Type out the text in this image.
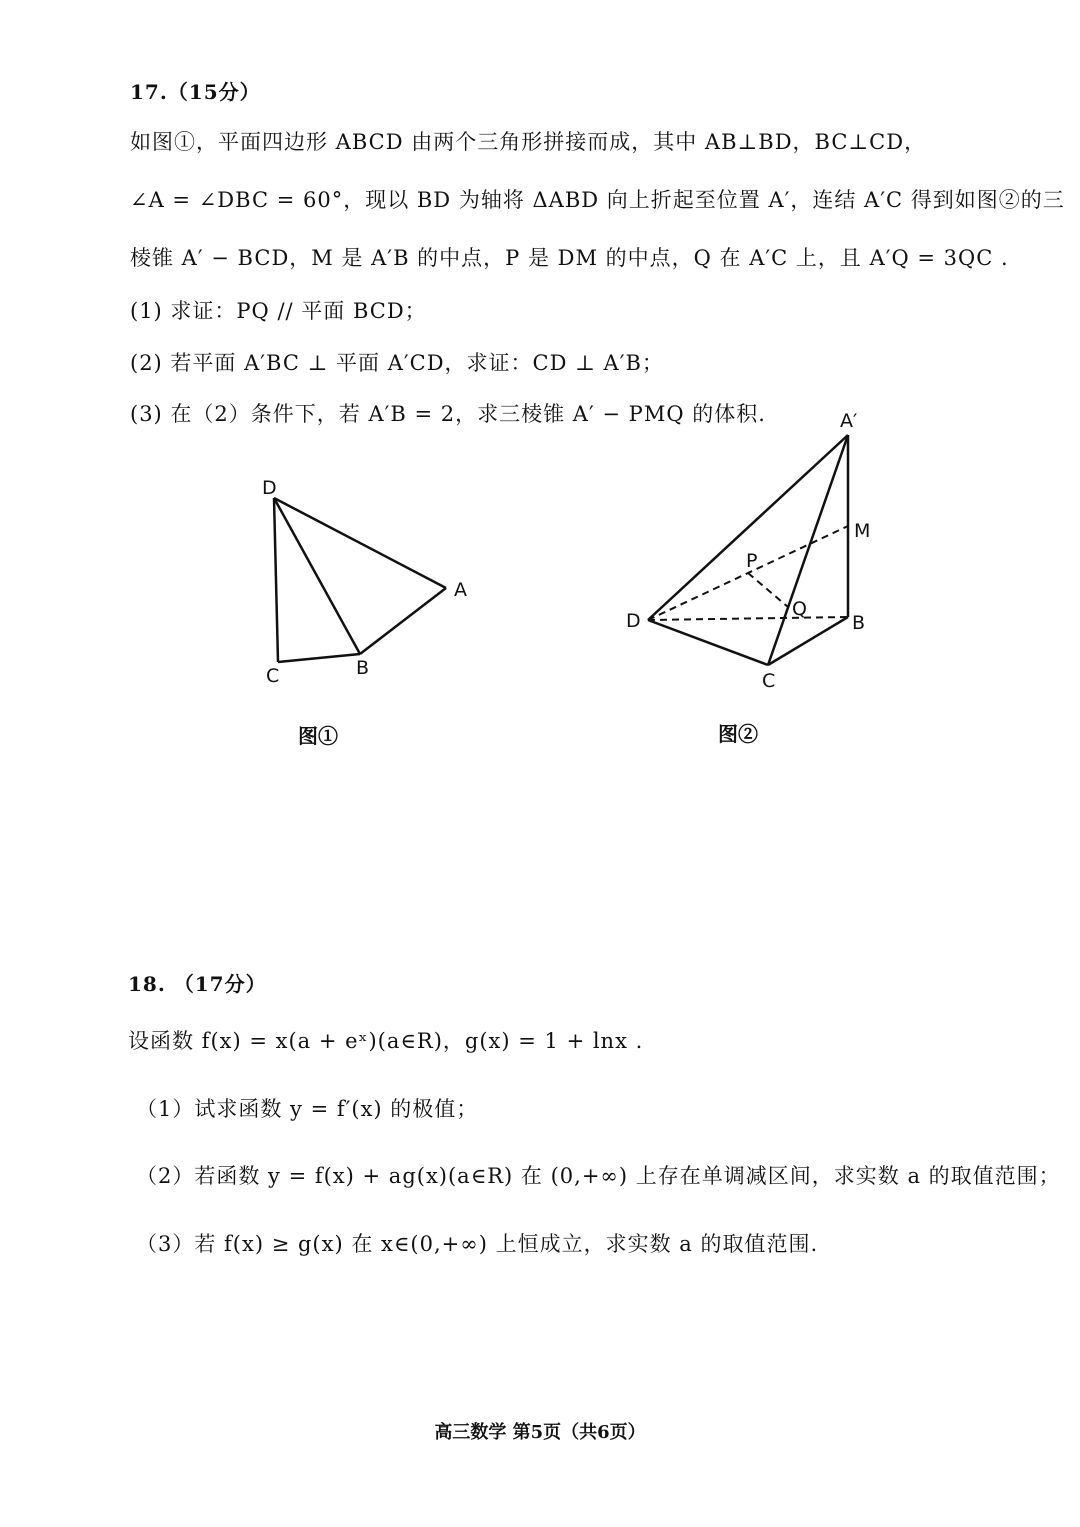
17.（15分）
如图①，平面四边形 ABCD 由两个三角形拼接而成，其中 AB⊥BD，BC⊥CD，
∠A = ∠DBC = 60°，现以 BD 为轴将 ΔABD 向上折起至位置 A′，连结 A′C 得到如图②的三
棱锥 A′ − BCD，M 是 A′B 的中点，P 是 DM 的中点，Q 在 A′C 上，且 A′Q = 3QC .
(1) 求证：PQ // 平面 BCD；
(2) 若平面 A′BC ⊥ 平面 A′CD，求证：CD ⊥ A′B；
(3) 在（2）条件下，若 A′B = 2，求三棱锥 A′ − PMQ 的体积.
D
A
C	B
图①
A′
M
P
Q
D	B
C
图②
18. （17分）
设函数 f(x) = x(a + eˣ)(a∈R)，g(x) = 1 + lnx .
（1）试求函数 y = f′(x) 的极值；
（2）若函数 y = f(x) + ag(x)(a∈R) 在 (0,+∞) 上存在单调减区间，求实数 a 的取值范围；
（3）若 f(x) ≥ g(x) 在 x∈(0,+∞) 上恒成立，求实数 a 的取值范围.
高三数学 第5页（共6页）
